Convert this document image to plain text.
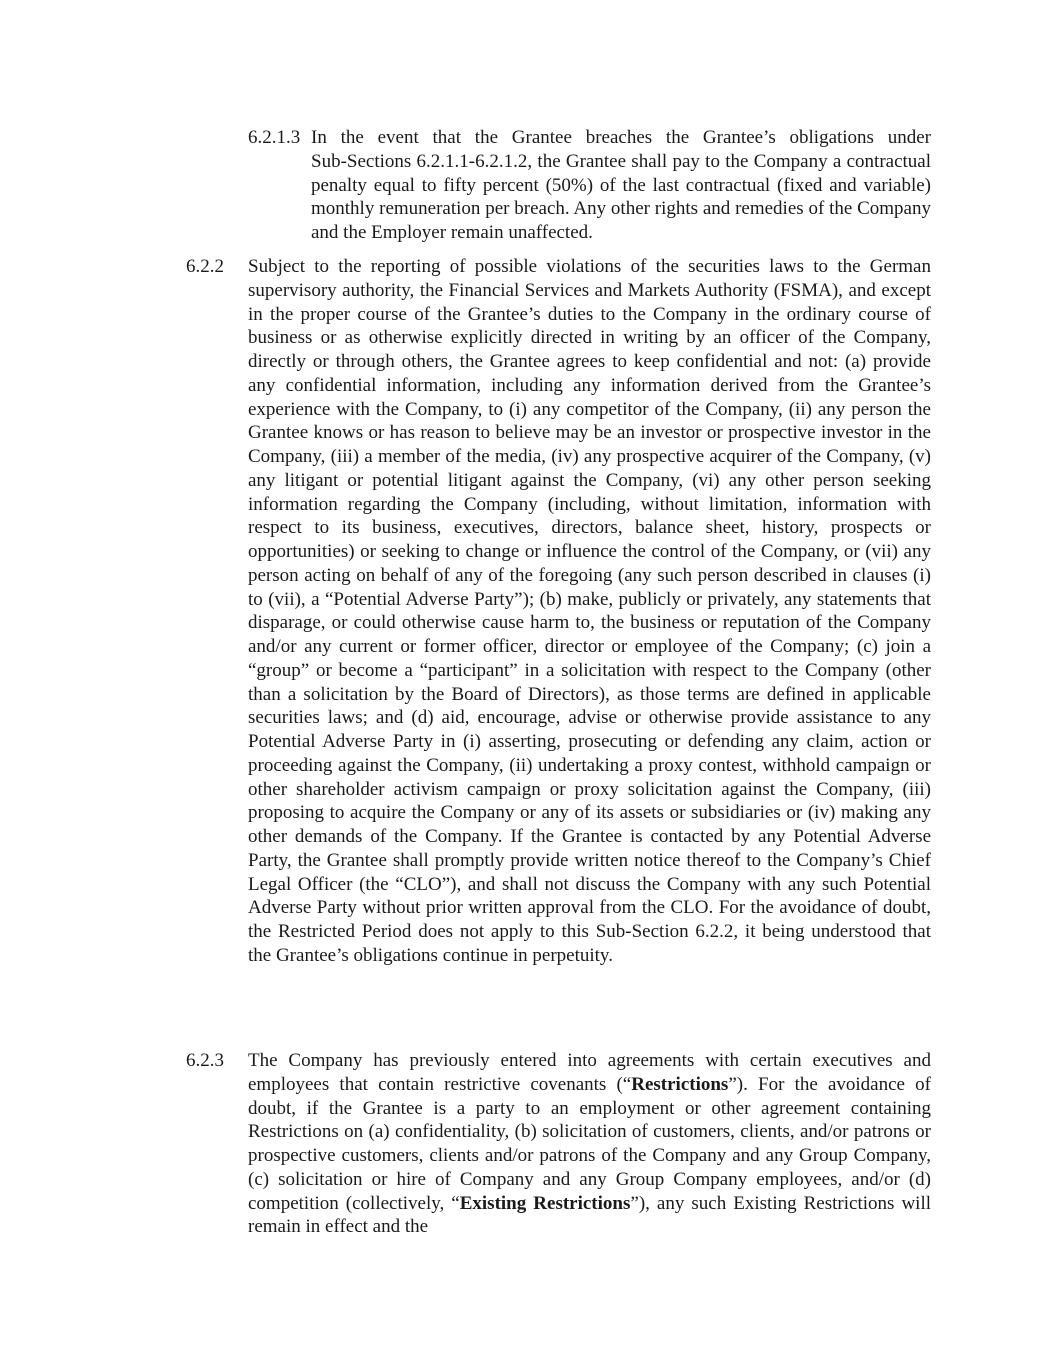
6.2.1.3 In the event that the Grantee breaches the Grantee’s obligations under

Sub-Sections 6.2.1.1-6.2.1.2, the Grantee shall pay to the Company a contractual penalty equal to fifty percent (50%) of the last contractual (fixed and variable) monthly remuneration per breach. Any other rights and remedies of the Company and the Employer remain unaffected.

6.2.2 Subject to the reporting of possible violations of the securities laws to the German supervisory authority, the Financial Services and Markets Authority (FSMA), and except in the proper course of the Grantee’s duties to the Company in the ordinary course of business or as otherwise explicitly directed in writing by an officer of the Company, directly or through others, the Grantee agrees to keep confidential and not: (a) provide any confidential information, including any information derived from the Grantee’s experience with the Company, to (i) any competitor of the Company, (ii) any person the Grantee knows or has reason to believe may be an investor or prospective investor in the Company, (iii) a member of the media, (iv) any prospective acquirer of the Company, (v) any litigant or potential litigant against the Company, (vi) any other person seeking information regarding the Company (including, without limitation, information with respect to its business, executives, directors, balance sheet, history, prospects or opportunities) or seeking to change or influence the control of the Company, or (vii) any person acting on behalf of any of the foregoing (any such person described in clauses (i) to (vii), a “Potential Adverse Party”); (b) make, publicly or privately, any statements that disparage, or could otherwise cause harm to, the business or reputation of the Company and/or any current or former officer, director or employee of the Company; (c) join a “group” or become a “participant” in a solicitation with respect to the Company (other than a solicitation by the Board of Directors), as those terms are defined in applicable securities laws; and (d) aid, encourage, advise or otherwise provide assistance to any Potential Adverse Party in (i) asserting, prosecuting or defending any claim, action or proceeding against the Company, (ii) undertaking a proxy contest, withhold campaign or other shareholder activism campaign or proxy solicitation against the Company, (iii) proposing to acquire the Company or any of its assets or subsidiaries or (iv) making any other demands of the Company. If the Grantee is contacted by any Potential Adverse Party, the Grantee shall promptly provide written notice thereof to the Company’s Chief Legal Officer (the “CLO”), and shall not discuss the Company with any such Potential Adverse Party without prior written approval from the CLO. For the avoidance of doubt, the Restricted Period does not apply to this Sub-Section 6.2.2, it being understood that the Grantee’s obligations continue in perpetuity.

6.2.3 The Company has previously entered into agreements with certain executives and employees that contain restrictive covenants (“Restrictions”). For the avoidance of doubt, if the Grantee is a party to an employment or other agreement containing Restrictions on (a) confidentiality, (b) solicitation of customers, clients, and/or patrons or prospective customers, clients and/or patrons of the Company and any Group Company, (c) solicitation or hire of Company and any Group Company employees, and/or (d) competition (collectively, “Existing Restrictions”), any such Existing Restrictions will remain in effect and the
